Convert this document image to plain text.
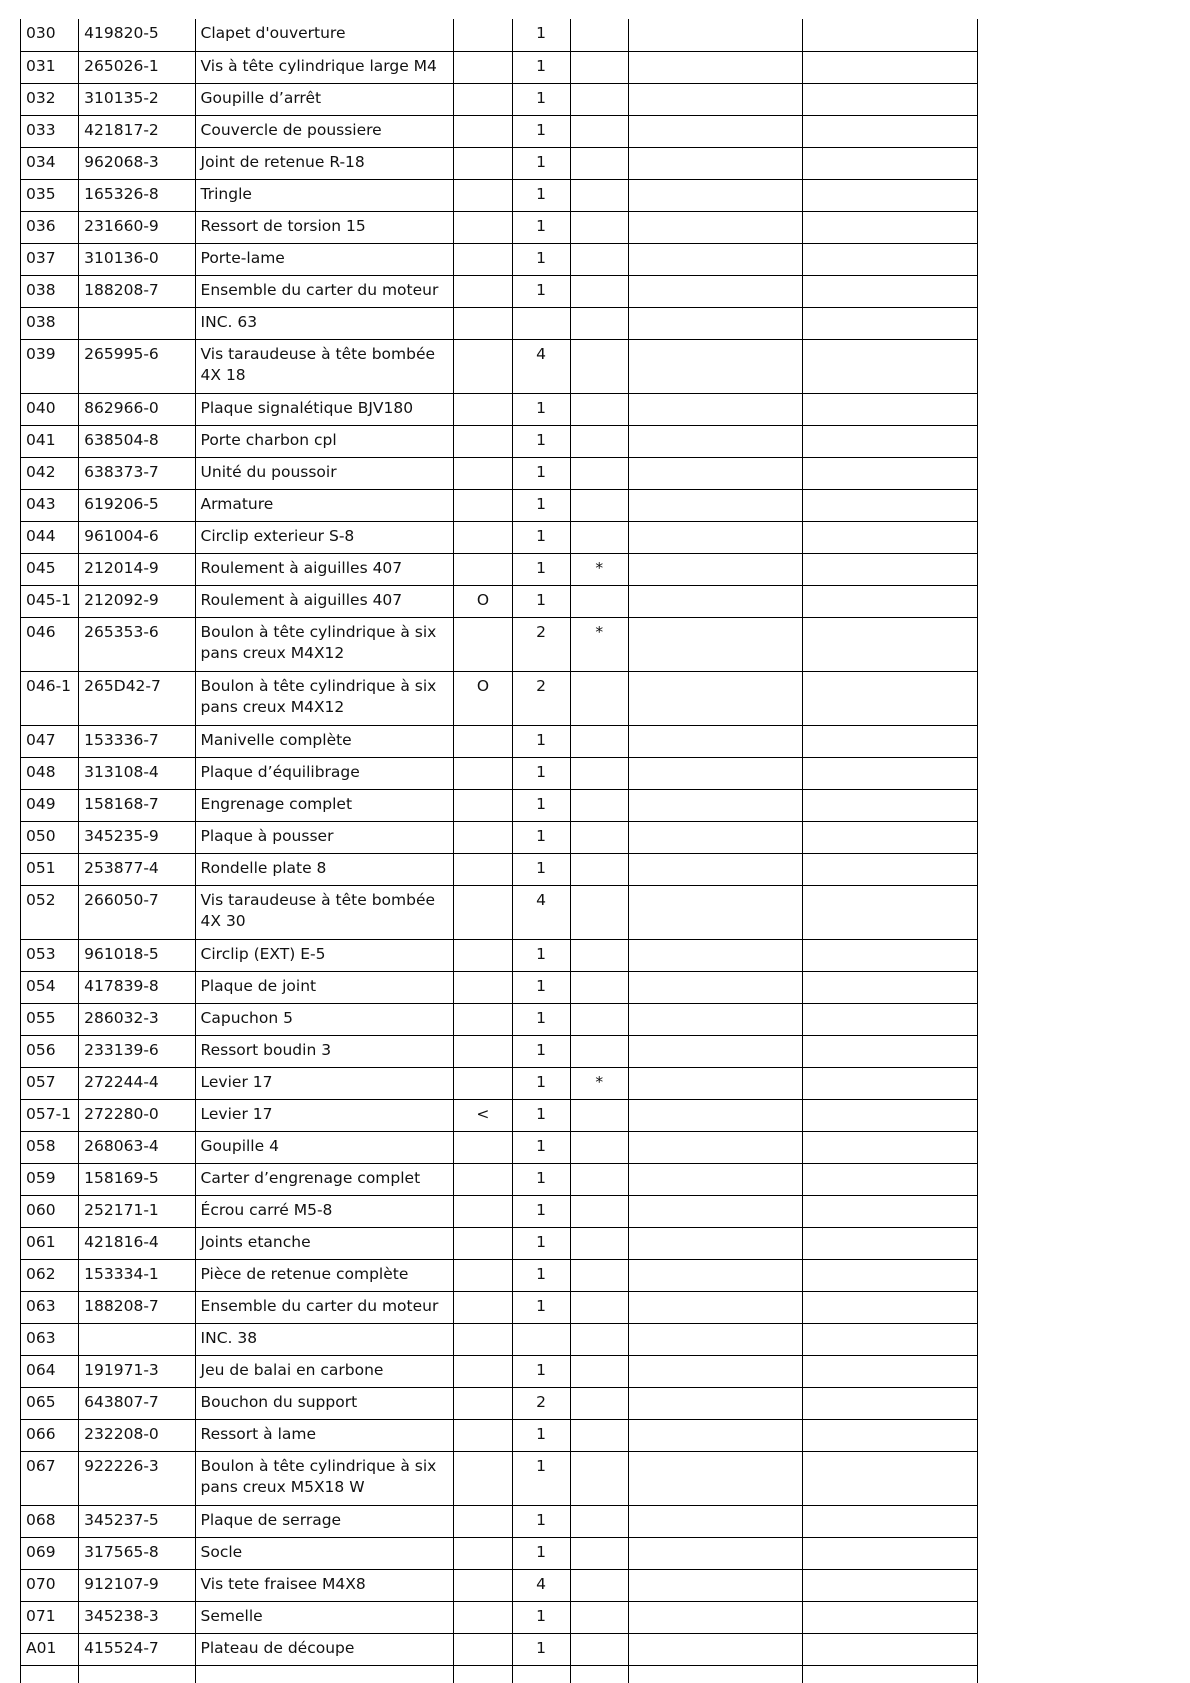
030	419820-5	Clapet d'ouverture		1			
031	265026-1	Vis à tête cylindrique large M4		1			
032	310135-2	Goupille d’arrêt		1			
033	421817-2	Couvercle de poussiere		1			
034	962068-3	Joint de retenue R-18		1			
035	165326-8	Tringle		1			
036	231660-9	Ressort de torsion 15		1			
037	310136-0	Porte-lame		1			
038	188208-7	Ensemble du carter du moteur		1			
038		INC. 63					
039	265995-6	Vis taraudeuse à tête bombée 4X 18		4			
040	862966-0	Plaque signalétique BJV180		1			
041	638504-8	Porte charbon cpl		1			
042	638373-7	Unité du poussoir		1			
043	619206-5	Armature		1			
044	961004-6	Circlip exterieur S-8		1			
045	212014-9	Roulement à aiguilles 407		1	*		
045-1	212092-9	Roulement à aiguilles 407	O	1			
046	265353-6	Boulon à tête cylindrique à six pans creux M4X12		2	*		
046-1	265D42-7	Boulon à tête cylindrique à six pans creux M4X12	O	2			
047	153336-7	Manivelle complète		1			
048	313108-4	Plaque d’équilibrage		1			
049	158168-7	Engrenage complet		1			
050	345235-9	Plaque à pousser		1			
051	253877-4	Rondelle plate 8		1			
052	266050-7	Vis taraudeuse à tête bombée 4X 30		4			
053	961018-5	Circlip (EXT) E-5		1			
054	417839-8	Plaque de joint		1			
055	286032-3	Capuchon 5		1			
056	233139-6	Ressort boudin 3		1			
057	272244-4	Levier 17		1	*		
057-1	272280-0	Levier 17	<	1			
058	268063-4	Goupille 4		1			
059	158169-5	Carter d’engrenage complet		1			
060	252171-1	Écrou carré M5-8		1			
061	421816-4	Joints etanche		1			
062	153334-1	Pièce de retenue complète		1			
063	188208-7	Ensemble du carter du moteur		1			
063		INC. 38					
064	191971-3	Jeu de balai en carbone		1			
065	643807-7	Bouchon du support		2			
066	232208-0	Ressort à lame		1			
067	922226-3	Boulon à tête cylindrique à six pans creux M5X18 W		1			
068	345237-5	Plaque de serrage		1			
069	317565-8	Socle		1			
070	912107-9	Vis tete fraisee M4X8		4			
071	345238-3	Semelle		1			
A01	415524-7	Plateau de découpe		1			
